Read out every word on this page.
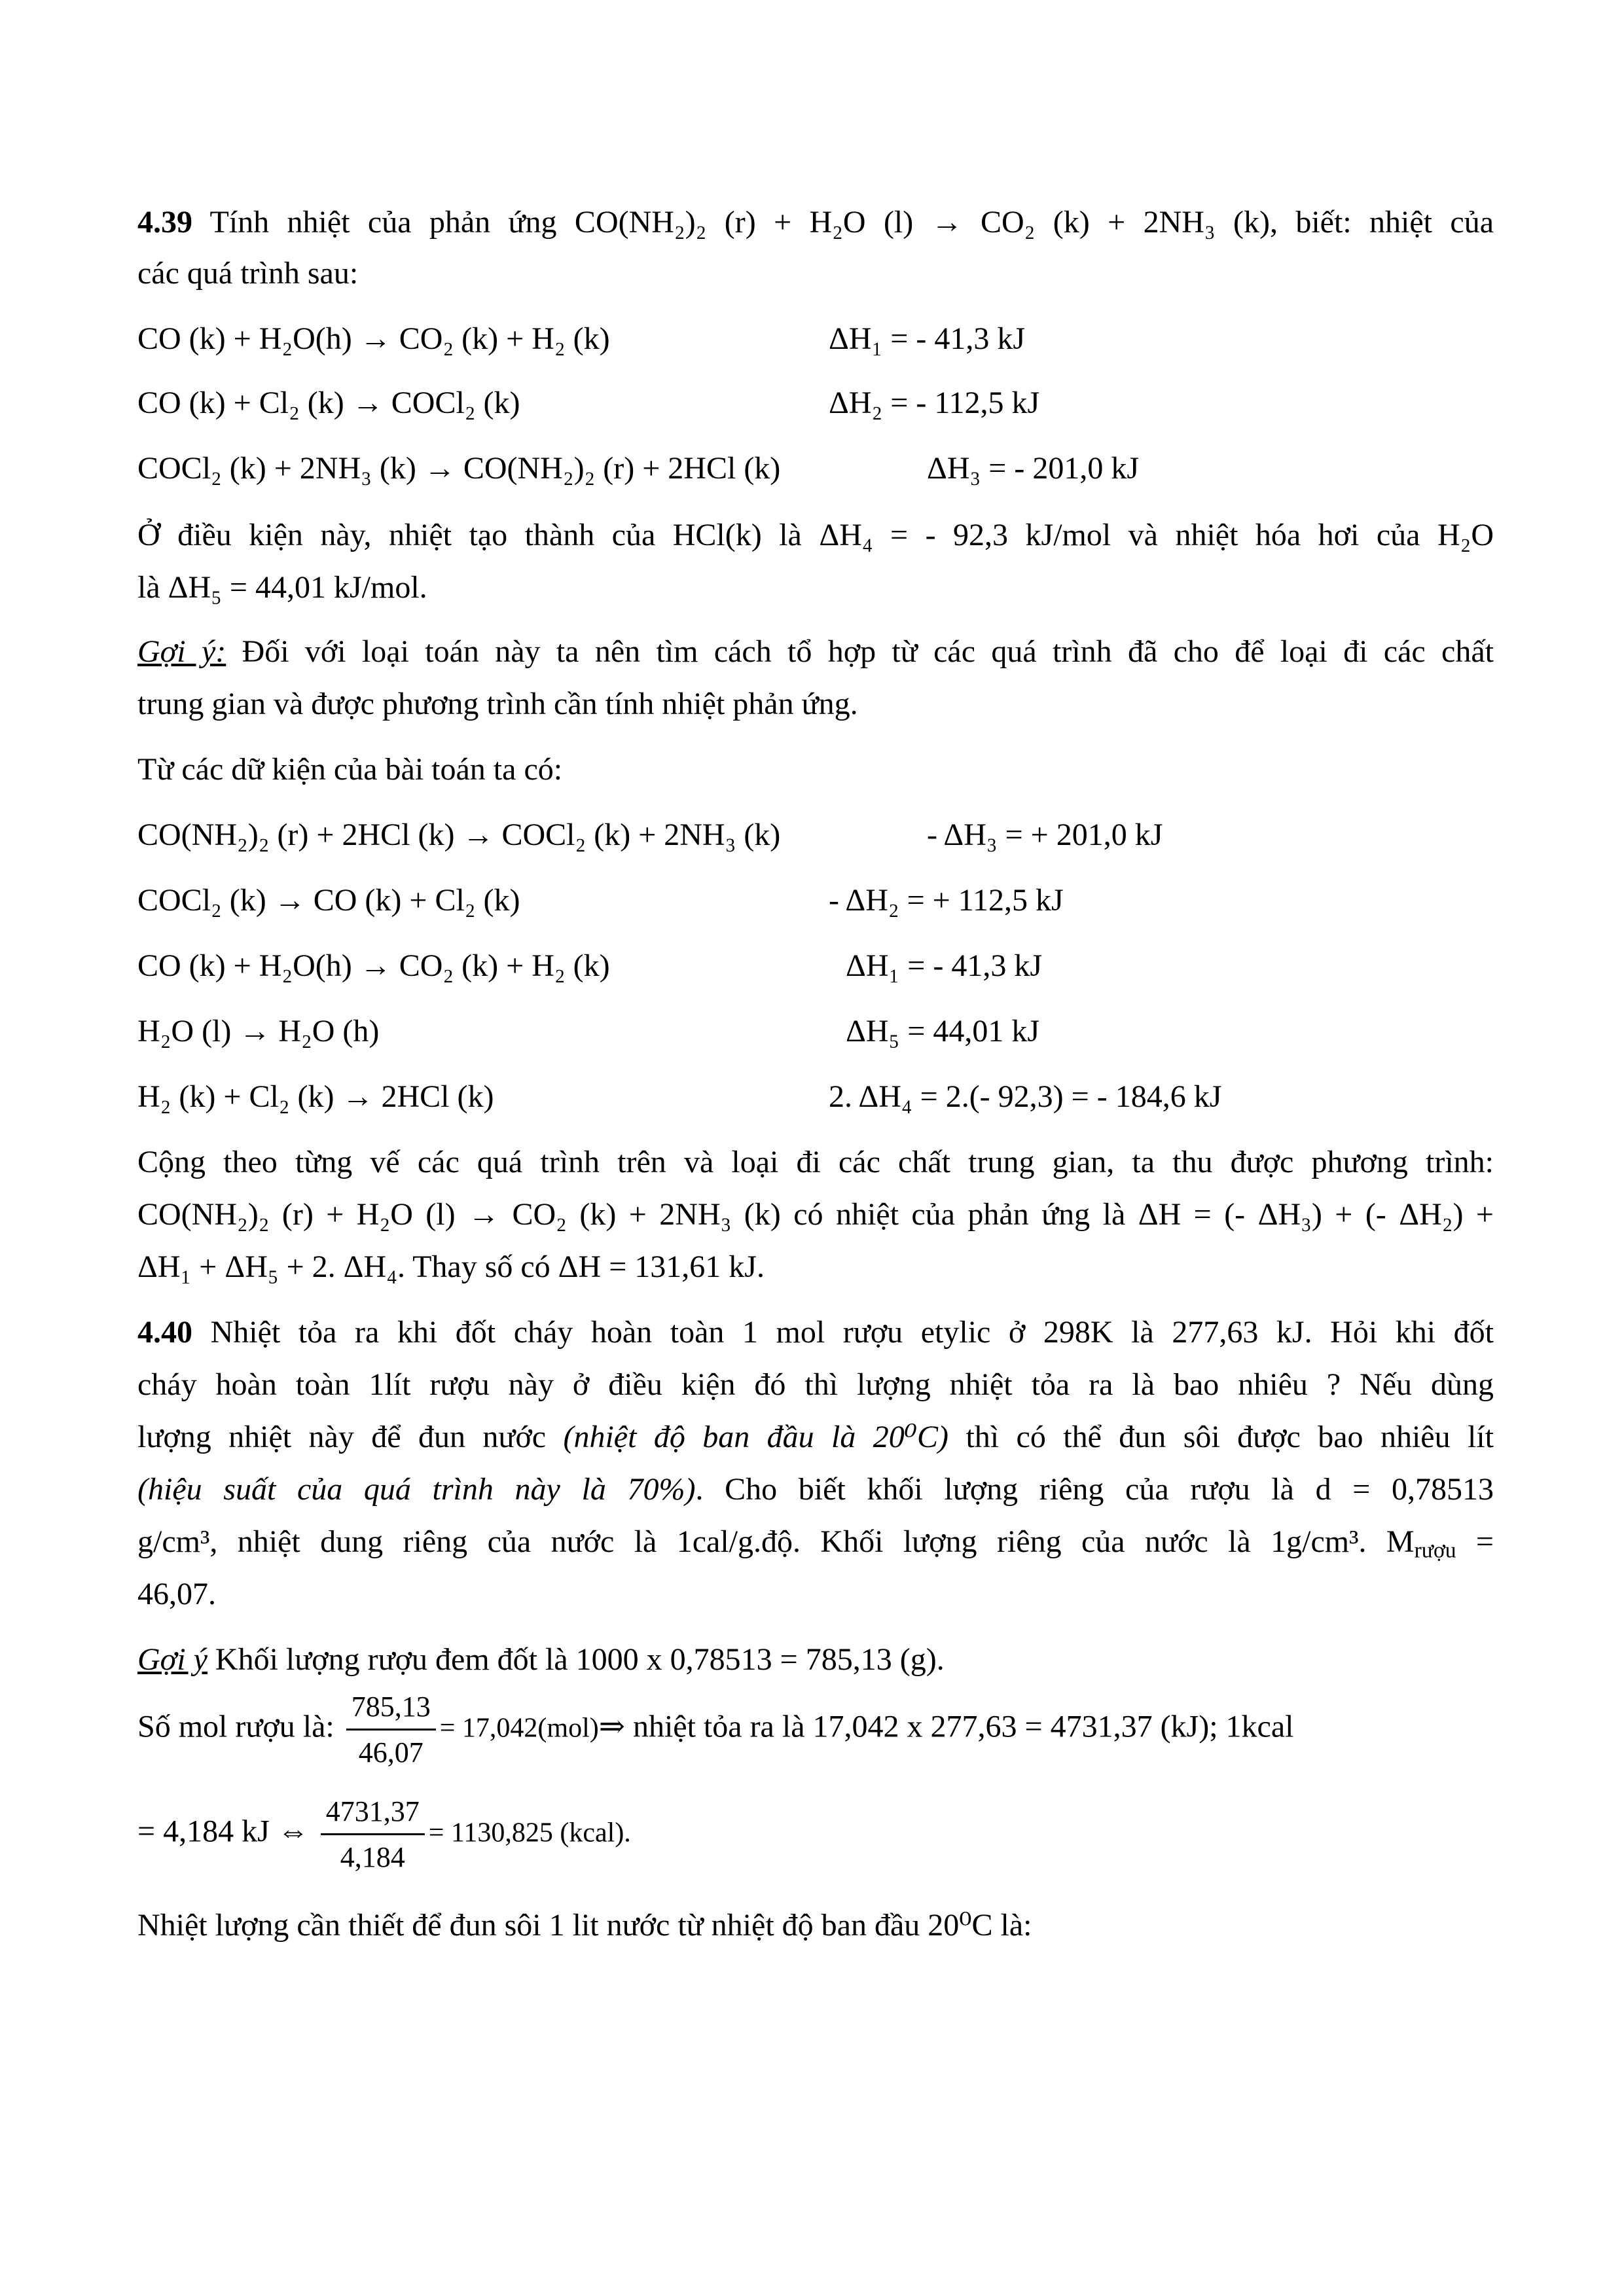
4.39 Tính nhiệt của phản ứng CO(NH₂)₂ (r) + H₂O (l) → CO₂ (k) + 2NH₃ (k), biết: nhiệt của
các quá trình sau:
CO (k) + H₂O(h) → CO₂ (k) + H₂ (k)	ΔH₁ = - 41,3 kJ
CO (k) + Cl₂ (k) → COCl₂ (k)	ΔH₂ = - 112,5 kJ
COCl₂ (k) + 2NH₃ (k) → CO(NH₂)₂ (r) + 2HCl (k)	ΔH₃ = - 201,0 kJ
Ở điều kiện này, nhiệt tạo thành của HCl(k) là ΔH₄ = - 92,3 kJ/mol và nhiệt hóa hơi của H₂O
là ΔH₅ = 44,01 kJ/mol.
Gợi ý: Đối với loại toán này ta nên tìm cách tổ hợp từ các quá trình đã cho để loại đi các chất
trung gian và được phương trình cần tính nhiệt phản ứng.
Từ các dữ kiện của bài toán ta có:
CO(NH₂)₂ (r) + 2HCl (k) → COCl₂ (k) + 2NH₃ (k)	- ΔH₃ = + 201,0 kJ
COCl₂ (k) → CO (k) + Cl₂ (k)	- ΔH₂ = + 112,5 kJ
CO (k) + H₂O(h) → CO₂ (k) + H₂ (k)	ΔH₁ = - 41,3 kJ
H₂O (l) → H₂O (h)	ΔH₅ = 44,01 kJ
H₂ (k) + Cl₂ (k) → 2HCl (k)	2. ΔH₄ = 2.(- 92,3) = - 184,6 kJ
Cộng theo từng vế các quá trình trên và loại đi các chất trung gian, ta thu được phương trình:
CO(NH₂)₂ (r) + H₂O (l) → CO₂ (k) + 2NH₃ (k) có nhiệt của phản ứng là ΔH = (- ΔH₃) + (- ΔH₂) +
ΔH₁ + ΔH₅ + 2. ΔH₄. Thay số có ΔH = 131,61 kJ.
4.40 Nhiệt tỏa ra khi đốt cháy hoàn toàn 1 mol rượu etylic ở 298K là 277,63 kJ. Hỏi khi đốt
cháy hoàn toàn 1lít rượu này ở điều kiện đó thì lượng nhiệt tỏa ra là bao nhiêu ? Nếu dùng
lượng nhiệt này để đun nước (nhiệt độ ban đầu là 20⁰C) thì có thể đun sôi được bao nhiêu lít
(hiệu suất của quá trình này là 70%). Cho biết khối lượng riêng của rượu là d = 0,78513
g/cm³, nhiệt dung riêng của nước là 1cal/g.độ. Khối lượng riêng của nước là 1g/cm³. $M_{rượu}$ =
46,07.
Gợi ý Khối lượng rượu đem đốt là 1000 x 0,78513 = 785,13 (g).
Số mol rượu là: $\frac{785,13}{46,07}$ = 17,042(mol)⇒ nhiệt tỏa ra là 17,042 x 277,63 = 4731,37 (kJ); 1kcal
= 4,184 kJ ⇔ $\frac{4731,37}{4,184} = 1130,825$ (kcal).
Nhiệt lượng cần thiết để đun sôi 1 lit nước từ nhiệt độ ban đầu 20⁰C là:
